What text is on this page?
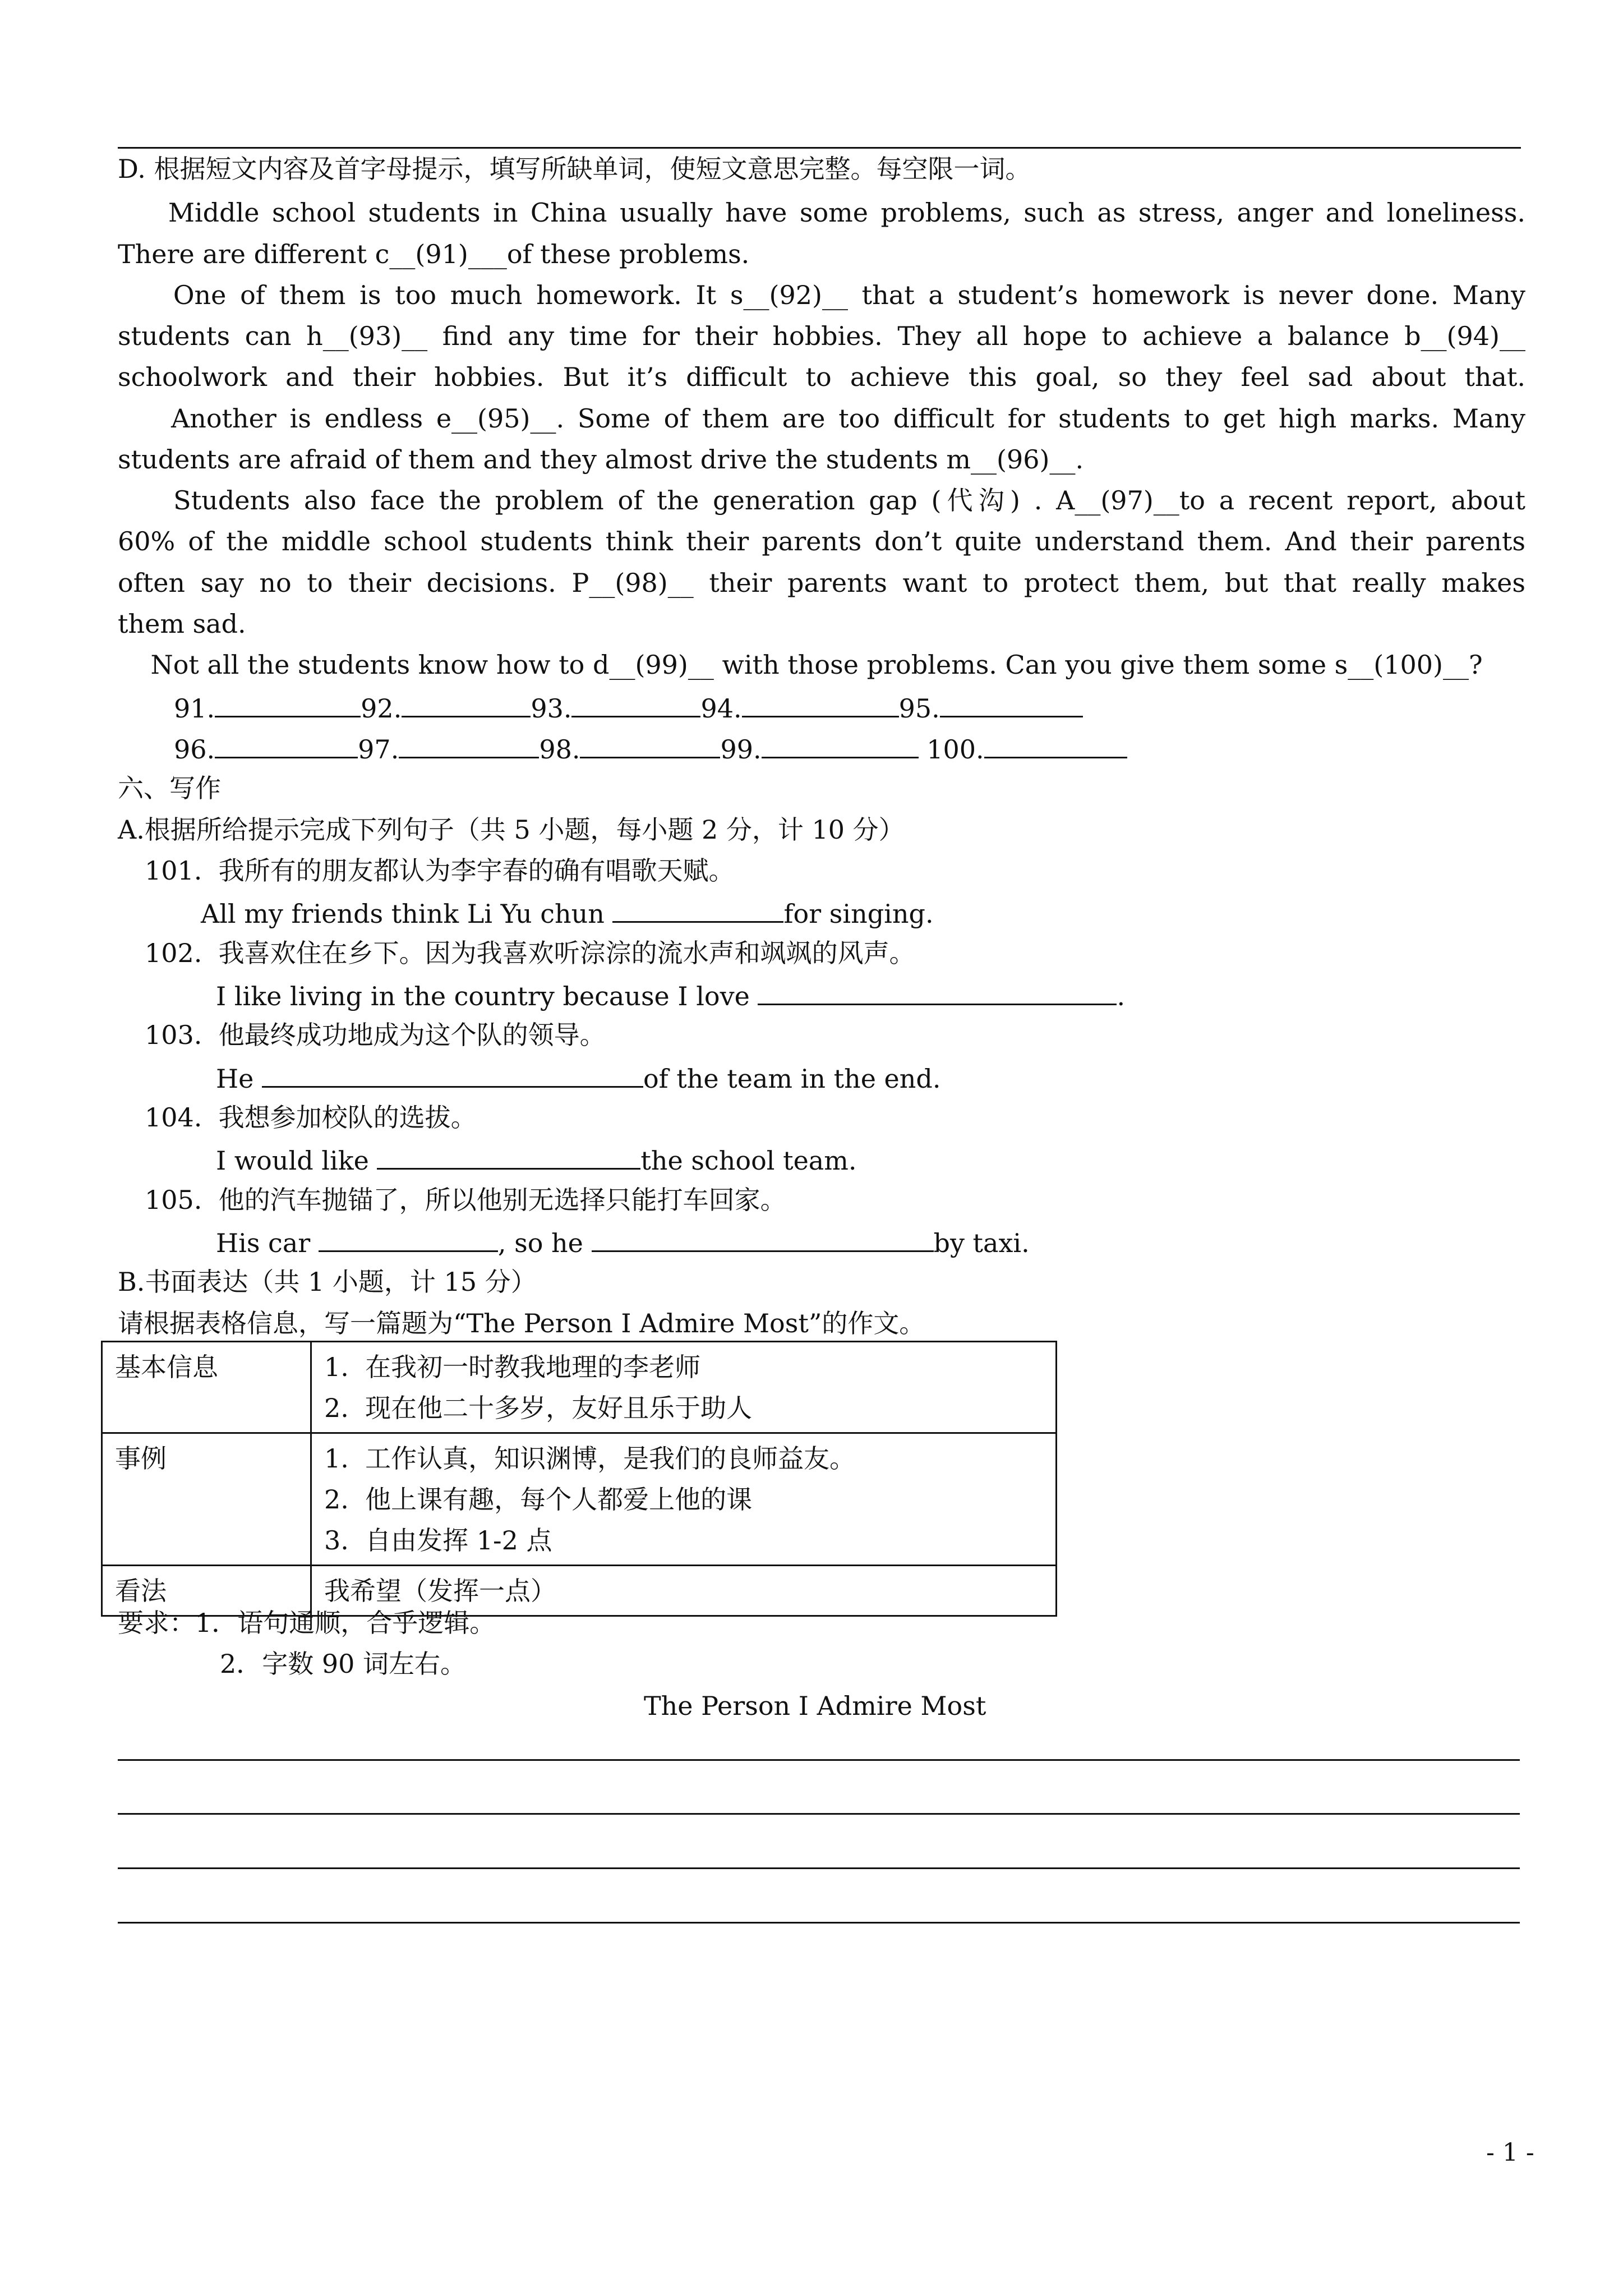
D. 根据短文内容及首字母提示，填写所缺单词，使短文意思完整。每空限一词。
Middle school students in China usually have some problems, such as stress, anger and loneliness.
There are different c__(91)___of these problems.
One of them is too much homework. It s__(92)__ that a student’s homework is never done. Many
students can h__(93)__ find any time for their hobbies. They all hope to achieve a balance b__(94)__
schoolwork and their hobbies. But it’s difficult to achieve this goal, so they feel sad about that.
Another is endless e__(95)__. Some of them are too difficult for students to get high marks. Many
students are afraid of them and they almost drive the students m__(96)__.
Students also face the problem of the generation gap (代沟) . A__(97)__to a recent report, about
60% of the middle school students think their parents don’t quite understand them. And their parents
often say no to their decisions. P__(98)__ their parents want to protect them, but that really makes
them sad.
Not all the students know how to d__(99)__ with those problems. Can you give them some s__(100)__?
91.	92.	93.	94.	95.
96.	97.	98.	99.	100.
六、写作
A.根据所给提示完成下列句子（共 5 小题，每小题 2 分，计 10 分）
101. 我所有的朋友都认为李宇春的确有唱歌天赋。
All my friends think Li Yu chun	for singing.
102. 我喜欢住在乡下。因为我喜欢听淙淙的流水声和飒飒的风声。
I like living in the country because I love	.
103. 他最终成功地成为这个队的领导。
He	of the team in the end.
104. 我想参加校队的选拔。
I would like	the school team.
105. 他的汽车抛锚了，所以他别无选择只能打车回家。
His car	, so he	by taxi.
B.书面表达（共 1 小题，计 15 分）
请根据表格信息，写一篇题为“The Person I Admire Most”的作文。
基本信息	1.  在我初一时教我地理的李老师
2.  现在他二十多岁，友好且乐于助人

事例	1.  工作认真，知识渊博，是我们的良师益友。
2.  他上课有趣，每个人都爱上他的课
3.  自由发挥 1-2 点

看法	我希望（发挥一点）
要求：1．语句通顺，合乎逻辑。
2．字数 90 词左右。
The Person I Admire Most
- 1 -
